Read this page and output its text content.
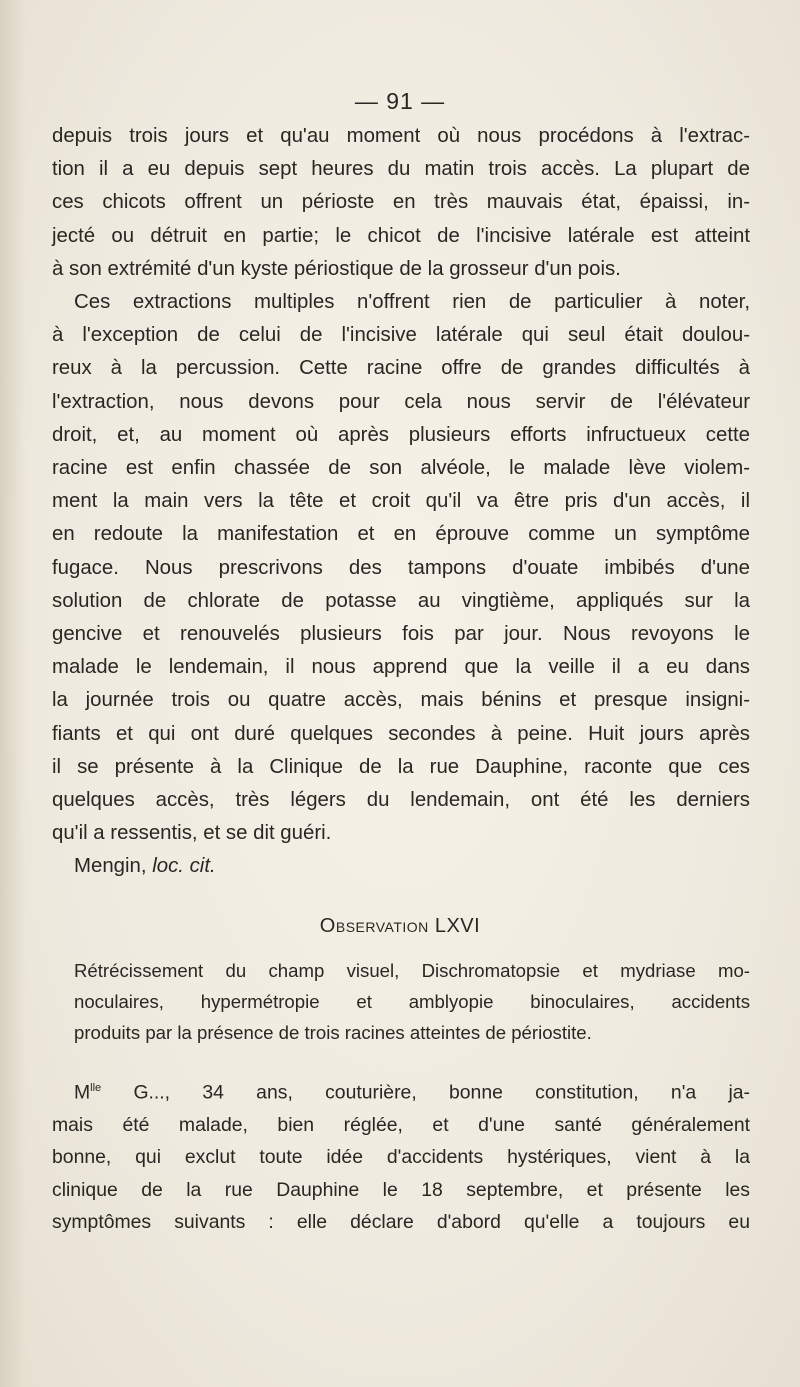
— 91 —
depuis trois jours et qu'au moment où nous procédons à l'extrac-
tion il a eu depuis sept heures du matin trois accès. La plupart de
ces chicots offrent un périoste en très mauvais état, épaissi, in-
jecté ou détruit en partie; le chicot de l'incisive latérale est atteint
à son extrémité d'un kyste périostique de la grosseur d'un pois.
Ces extractions multiples n'offrent rien de particulier à noter,
à l'exception de celui de l'incisive latérale qui seul était doulou-
reux à la percussion. Cette racine offre de grandes difficultés à
l'extraction, nous devons pour cela nous servir de l'élévateur
droit, et, au moment où après plusieurs efforts infructueux cette
racine est enfin chassée de son alvéole, le malade lève violem-
ment la main vers la tête et croit qu'il va être pris d'un accès, il
en redoute la manifestation et en éprouve comme un symptôme
fugace. Nous prescrivons des tampons d'ouate imbibés d'une
solution de chlorate de potasse au vingtième, appliqués sur la
gencive et renouvelés plusieurs fois par jour. Nous revoyons le
malade le lendemain, il nous apprend que la veille il a eu dans
la journée trois ou quatre accès, mais bénins et presque insigni-
fiants et qui ont duré quelques secondes à peine. Huit jours après
il se présente à la Clinique de la rue Dauphine, raconte que ces
quelques accès, très légers du lendemain, ont été les derniers
qu'il a ressentis, et se dit guéri.
Mengin, loc. cit.
Observation LXVI
Rétrécissement du champ visuel, Dischromatopsie et mydriase mo-
noculaires, hypermétropie et amblyopie binoculaires, accidents
produits par la présence de trois racines atteintes de périostite.
$M^{lle}$ G..., 34 ans, couturière, bonne constitution, n'a ja-
mais été malade, bien réglée, et d'une santé généralement
bonne, qui exclut toute idée d'accidents hystériques, vient à la
clinique de la rue Dauphine le 18 septembre, et présente les
symptômes suivants : elle déclare d'abord qu'elle a toujours eu
